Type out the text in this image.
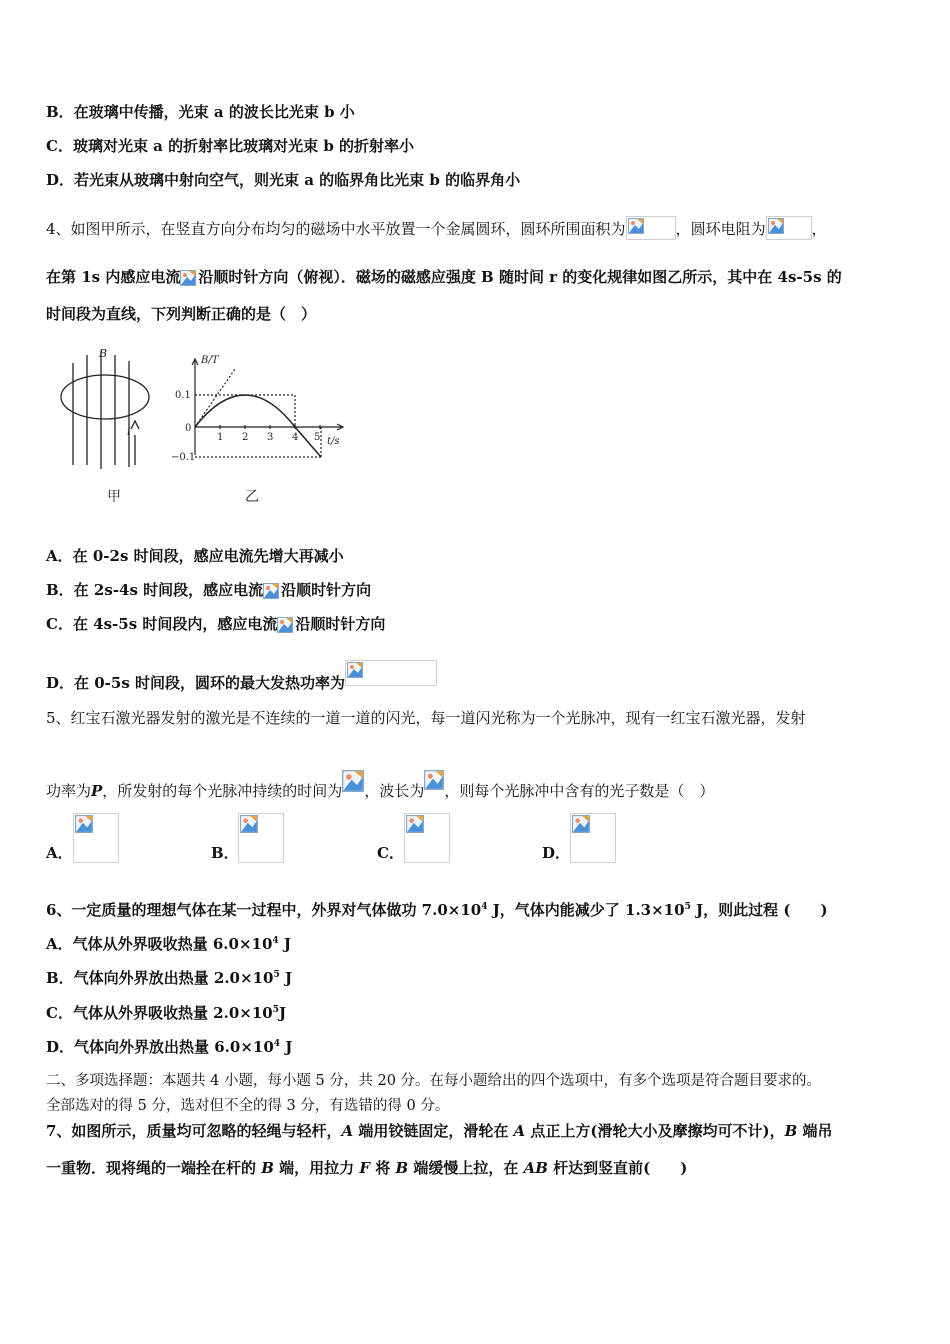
B．在玻璃中传播，光束 a 的波长比光束 b 小
C．玻璃对光束 a 的折射率比玻璃对光束 b 的折射率小
D．若光束从玻璃中射向空气，则光束 a 的临界角比光束 b 的临界角小
4、如图甲所示，在竖直方向分布均匀的磁场中水平放置一个金属圆环，圆环所围面积为	，圆环电阻为	，
在第 1s 内感应电流 沿顺时针方向（俯视）．磁场的磁感应强度 B 随时间 r 的变化规律如图乙所示，其中在 4s-5s 的
时间段为直线，下列判断正确的是（　）
B
i
甲
B/T
0.1
0
−0.1
1 2 3 4 5 t/s
乙
A．在 0-2s 时间段，感应电流先增大再减小
B．在 2s-4s 时间段，感应电流 沿顺时针方向
C．在 4s-5s 时间段内，感应电流 沿顺时针方向
D．在 0-5s 时间段，圆环的最大发热功率为
5、红宝石激光器发射的激光是不连续的一道一道的闪光，每一道闪光称为一个光脉冲，现有一红宝石激光器，发射
功率为P，所发射的每个光脉冲持续的时间为 ，波长为 ，则每个光脉冲中含有的光子数是（　）
A．	B．	C．	D．
6、一定质量的理想气体在某一过程中，外界对气体做功 $7.0\times 10^4$ J，气体内能减少了 $1.3\times 10^5$ J，则此过程 (　　)
A．气体从外界吸收热量 $6.0\times 10^4$ J
B．气体向外界放出热量 $2.0\times 10^5$ J
C．气体从外界吸收热量 $2.0\times 10^5J$
D．气体向外界放出热量 $6.0\times 10^4$ J
二、多项选择题：本题共 4 小题，每小题 5 分，共 20 分。在每小题给出的四个选项中，有多个选项是符合题目要求的。
全部选对的得 5 分，选对但不全的得 3 分，有选错的得 0 分。
7、如图所示，质量均可忽略的轻绳与轻杆，A 端用铰链固定，滑轮在 A 点正上方(滑轮大小及摩擦均可不计)，B 端吊
一重物．现将绳的一端拴在杆的 B 端，用拉力 F 将 B 端缓慢上拉，在 AB 杆达到竖直前(　　)
